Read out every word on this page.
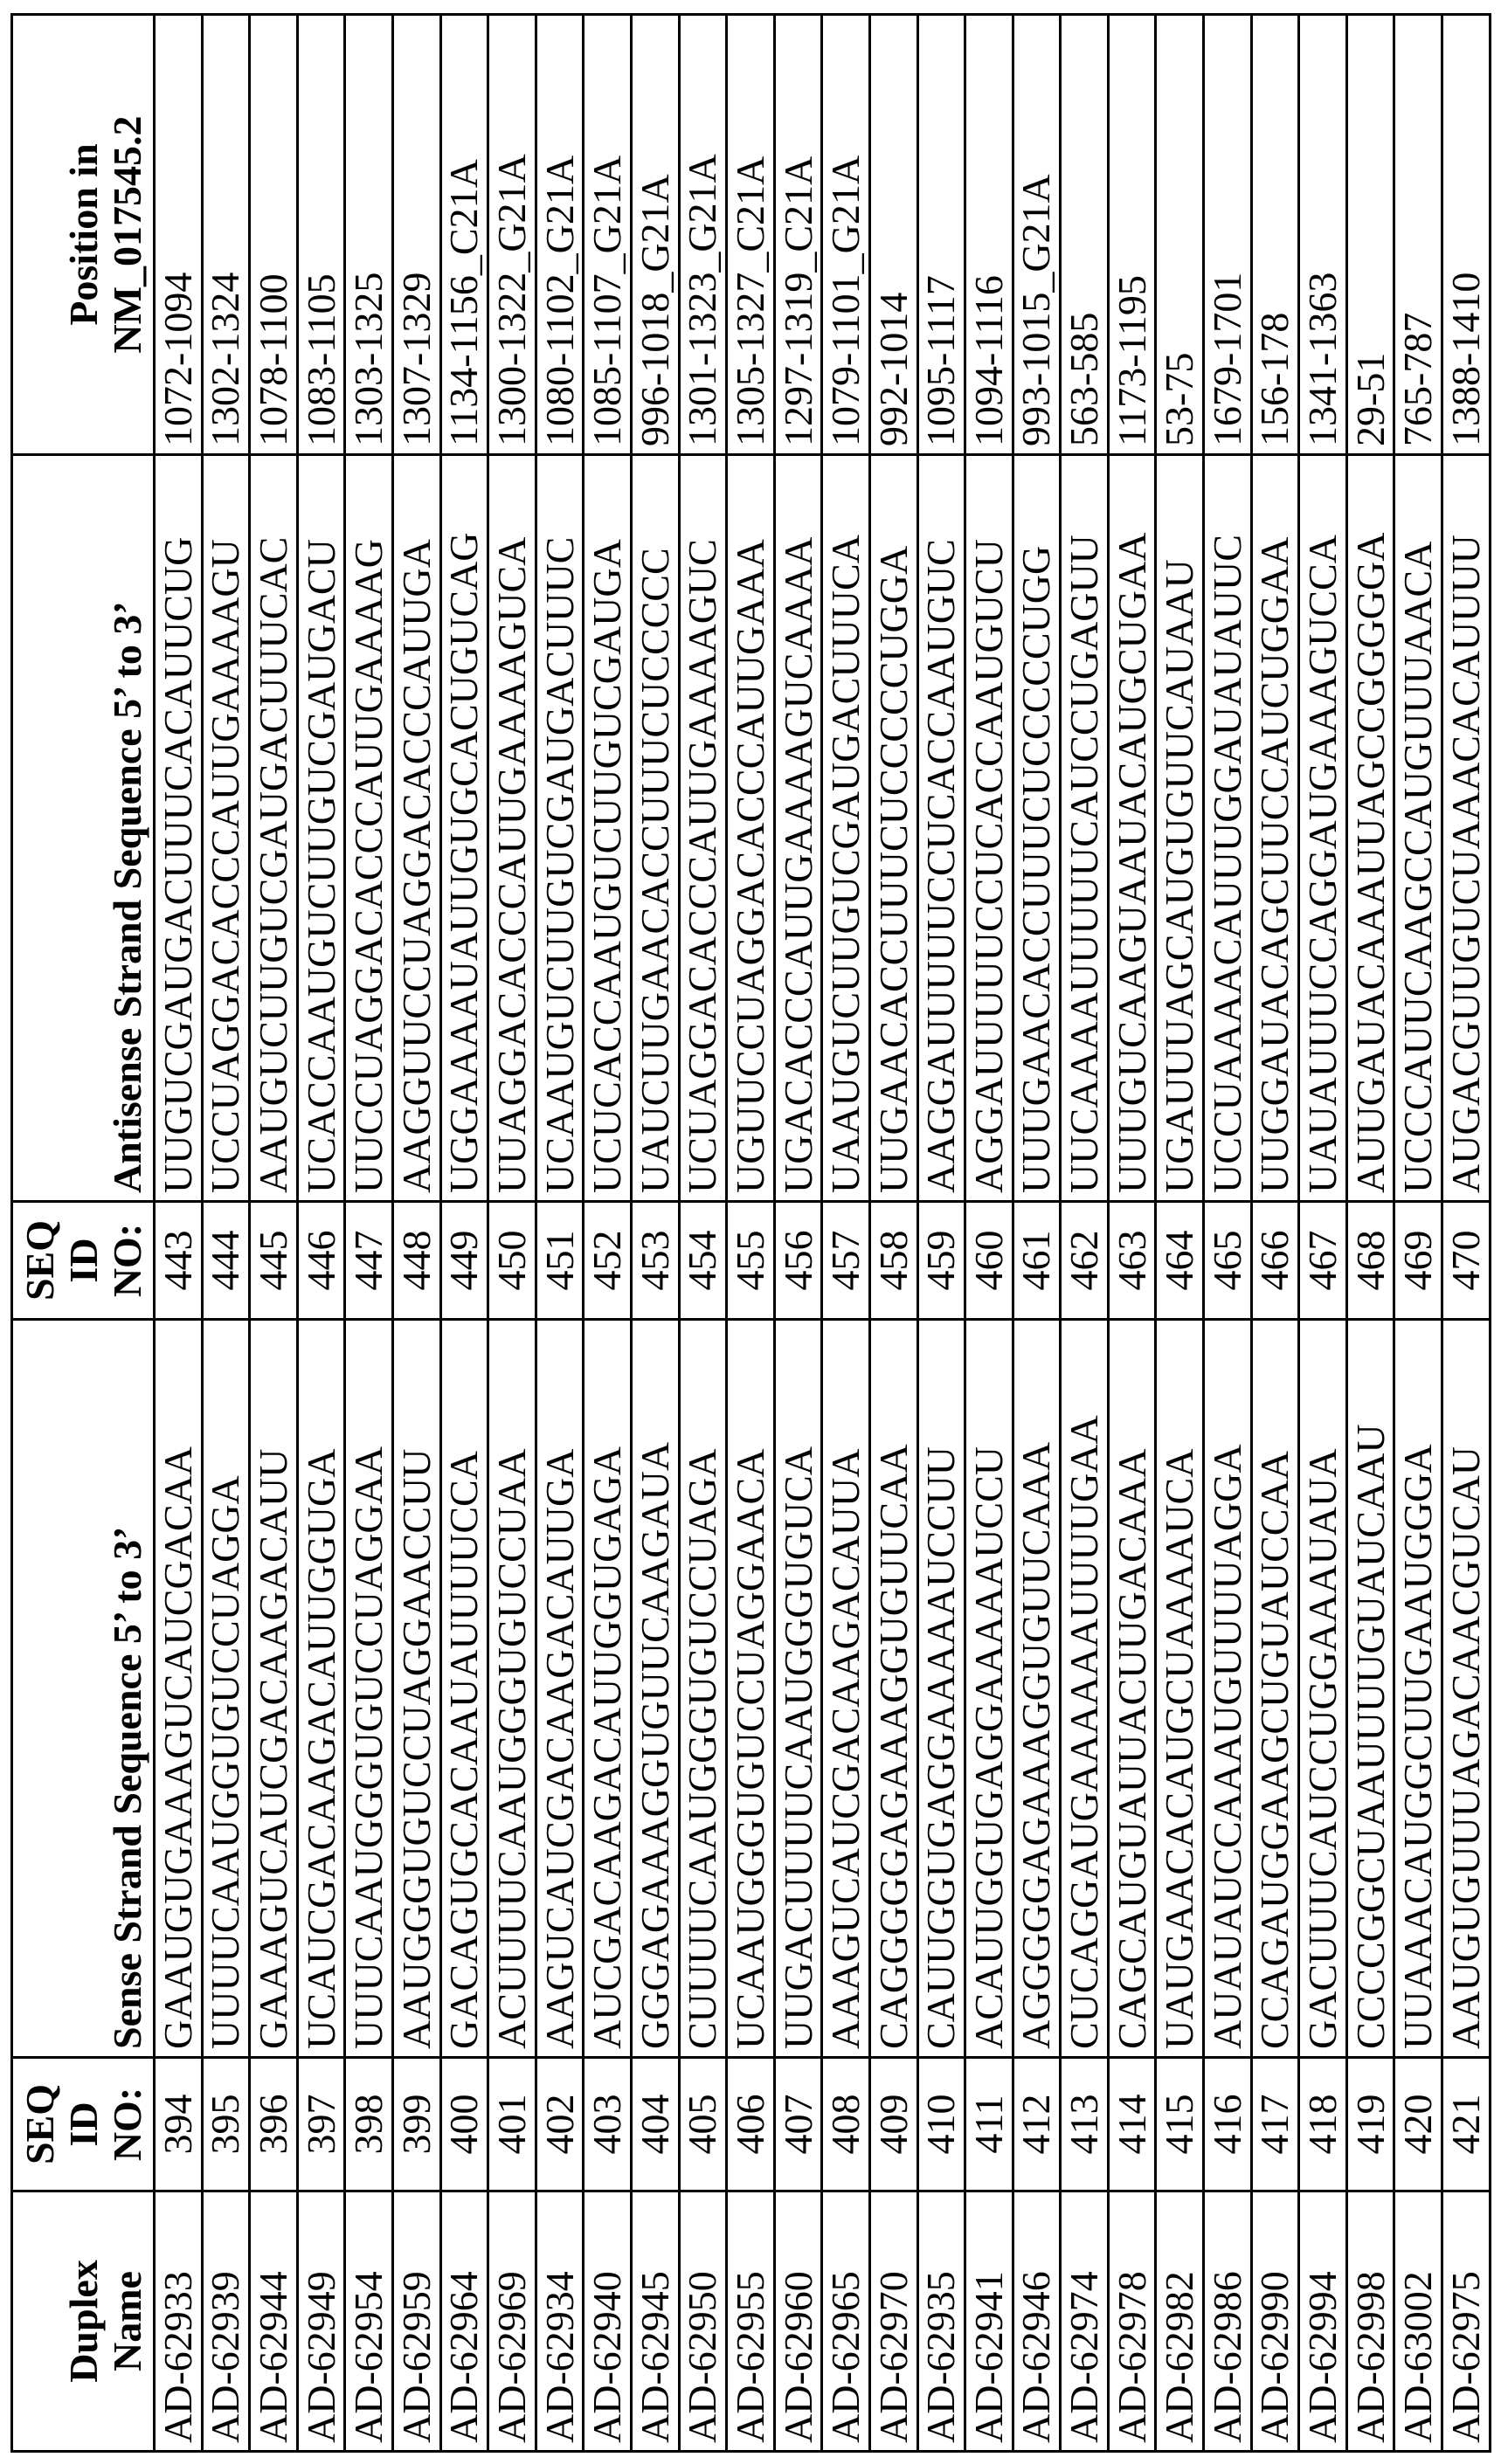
Duplex Name

SEQ ID NO:
	Sense Strand Sequence 5’ to 3’	
SEQ ID NO:
	Antisense Strand Sequence 5’ to 3’	
Position in NM_017545.2

AD-62933	394	GAAUGUGAAAGUCAUCGACAA	443	UUGUCGAUGACUUUCACAUUCUG	1072-1094
AD-62939	395	UUUUCAAUGGUGUCCUAGGA	444	UCCUAGGACACCCAUUGAAAAGU	1302-1324
AD-62944	396	GAAAGUCAUCGACAAGACAUU	445	AAUGUCUUGUCGAUGACUUUCAC	1078-1100
AD-62949	397	UCAUCGACAAGACAUUGGUGA	446	UCACCAAUGUCUUGUCGAUGACU	1083-1105
AD-62954	398	UUUCAAUGGGUGUCCUAGGAA	447	UUCCUAGGACACCCAUUGAAAAG	1303-1325
AD-62959	399	AAUGGGUGUCCUAGGAACCUU	448	AAGGUUCCUAGGACACCCAUUGA	1307-1329
AD-62964	400	GACAGUGCACAAUAUUUUCCA	449	UGGAAAAUAUUGUGCACUGUCAG	1134-1156_C21A
AD-62969	401	ACUUUUCAAUGGGUGUCCUAA	450	UUAGGACACCCAUUGAAAAGUCA	1300-1322_G21A
AD-62934	402	AAGUCAUCGACAAGACAUUGA	451	UCAAUGUCUUGUCGAUGACUUUC	1080-1102_G21A
AD-62940	403	AUCGACAAGACAUUGGUGAGA	452	UCUCACCAAUGUCUUGUCGAUGA	1085-1107_G21A
AD-62945	404	GGGAGAAAGGUGUUCAAGAUA	453	UAUCUUGAACACCUUUCUCCCCC	996-1018_G21A
AD-62950	405	CUUUUCAAUGGGUGUCCUAGA	454	UCUAGGACACCCAUUGAAAAGUC	1301-1323_G21A
AD-62955	406	UCAAUGGGUGUCCUAGGAACA	455	UGUUCCUAGGACACCCAUUGAAA	1305-1327_C21A
AD-62960	407	UUGACUUUUCAAUGGGUGUCA	456	UGACACCCAUUGAAAAGUCAAAA	1297-1319_C21A
AD-62965	408	AAAGUCAUCGACAAGACAUUA	457	UAAUGUCUUGUCGAUGACUUUCA	1079-1101_G21A
AD-62970	409	CAGGGGGAGAAAGGUGUUCAA	458	UUGAACACCUUUCUCCCCCUGGA	992-1014
AD-62935	410	CAUUGGUGAGGAAAAAUCCUU	459	AAGGAUUUUUCCUCACCAAUGUC	1095-1117
AD-62941	411	ACAUUGGUGAGGAAAAAUCCU	460	AGGAUUUUUCCUCACCAAUGUCU	1094-1116
AD-62946	412	AGGGGGAGAAAGGUGUUCAAA	461	UUUGAACACCUUUCUCCCCCUGG	993-1015_G21A
AD-62974	413	CUCAGGAUGAAAAAAUUUUGAA	462	UUCAAAAUUUUUCAUCCUGAGUU	563-585
AD-62978	414	CAGCAUGUAUUACUUGACAAA	463	UUUGUCAAGUAAUACAUGCUGAA	1173-1195
AD-62982	415	UAUGAACACAUGCUAAAAUCA	464	UGAUUUAGCAUGUGUUCAUAAU	53-75
AD-62986	416	AUAUAUCCAAAUGUUUUAGGA	465	UCCUAAAACAUUUGGAUAUAUUC	1679-1701
AD-62990	417	CCAGAUGGAAGCUGUAUCCAA	466	UUGGAUACAGCUUCCAUCUGGAA	156-178
AD-62994	418	GACUUUCAUCCUGGAAAUAUA	467	UAUAUUUCCAGGAUGAAAGUCCA	1341-1363
AD-62998	419	CCCCGGCUAAUUUUGUAUCAAU	468	AUUGAUACAAAUUAGCCGGGGGA	29-51
AD-63002	420	UUAAACAUGGCUUGAAUGGGA	469	UCCCAUUCAAGCCAUGUUUAACA	765-787
AD-62975	421	AAUGUGUUUAGACAACGUCAU	470	AUGACGUUGUCUAAACACAUUUU	1388-1410
